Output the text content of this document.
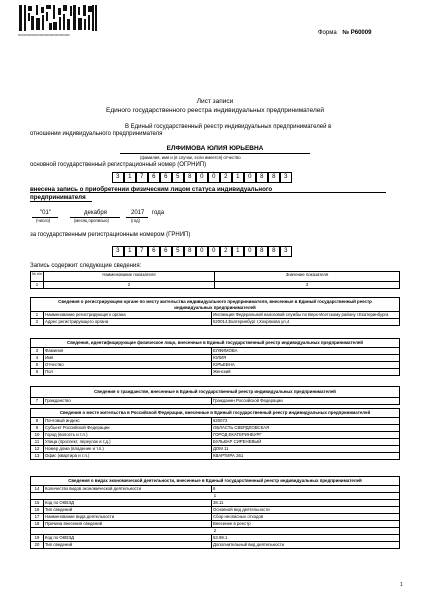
0000000000000000000000000000000	Форма № Р60009
Лист записи
Единого государственного реестра индивидуальных предпринимателей
В Единый государственный реестр индивидуальных предпринимателей в
отношении индивидуального предпринимателя
ЕЛФИМОВА ЮЛИЯ ЮРЬЕВНА
(фамилия, имя и (в случае, если имеется) отчество
основной государственный регистрационный номер (ОГРНИП)
3	1	7	6	6	5	8	0	0	2	1	0	8	8	3
внесена запись о приобретении физическим лицом статуса индивидуального
предпринимателя
"01"	декабря	2017 года
(число)	(месяц прописью)	(год)
за государственным регистрационным номером (ГРНИП)
3	1	7	6	6	5	8	0	0	2	1	0	8	8	3
Запись содержит следующие сведения:
№ п/п	Наименование показателя	Значение показателя
1	2	3
Сведения о регистрирующем органе по месту жительства индивидуального предпринимателя, внесенные в Единый государственный реестр индивидуальных предпринимателей		
1	Наименование регистрирующего органа	Инспекция Федеральной налоговой службы по Верх-Исетскому району г.Екатеринбурга
2	Адрес регистрирующего органа	620014,Екатеринбург г,Хохрякова ул,4
Сведения, идентифицирующие физическое лицо, внесенные в Единый государственный реестр индивидуальных предпринимателей		
3	Фамилия	ЕЛФИМОВА
4	Имя	ЮЛИЯ
5	Отчество	ЮРЬЕВНА
6	Пол	Женский
Сведения о гражданстве, внесенные в Единый государственный реестр индивидуальных предпринимателей
7	Гражданство	Гражданин Российской Федерации
Сведения о месте жительства в Российской Федерации, внесенные в Единый государственный реестр индивидуальных предпринимателей		
8	Почтовый индекс	620072
9	Субъект Российской Федерации	ОБЛАСТЬ СВЕРДЛОВСКАЯ
10	Город (волость и т.п.)	ГОРОД ЕКАТЕРИНБУРГ
11	Улица (проспект, переулок и т.д.)	БУЛЬВАР СИРЕНЕВЫЙ
12	Номер дома (владение и т.п.)	ДОМ 11
13	Офис (квартира и т.п.)	КВАРТИРА 261
Сведения о видах экономической деятельности, внесенные в Единый государственный реестр индивидуальных предпринимателей		
14	Количество видов экономической деятельности	6
1		
15	Код по ОКВЭД	38.11
16	Тип сведений	Основной вид деятельности
17	Наименование вида деятельности	Сбор неопасных отходов
18	Причина внесения сведений	Внесение в реестр
2		
19	Код по ОКВЭД	63.99.1
20	Тип сведений	Дополнительный вид деятельности
1
